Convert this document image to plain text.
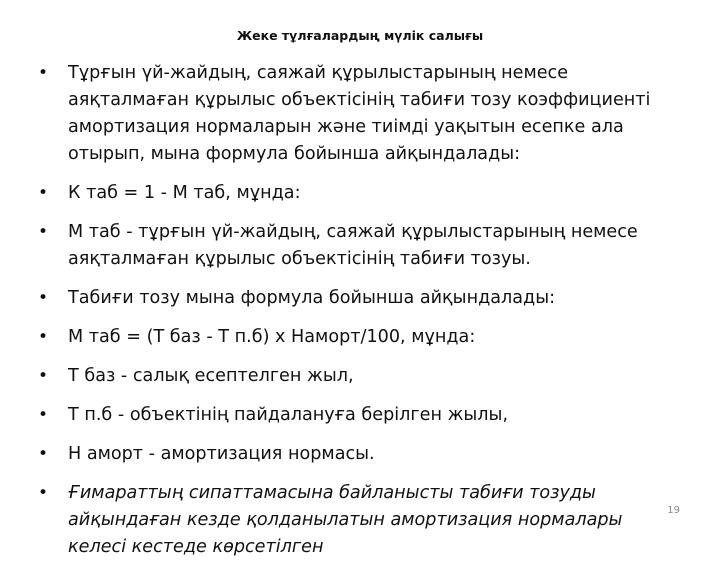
Жеке тұлғалардың мүлік салығы
• Тұрғын үй-жайдың, саяжай құрылыстарының немесе аяқталмаған құрылыс объектісінің табиғи тозу коэффициенті амортизация нормаларын және тиімді уақытын есепке ала отырып, мына формула бойынша айқындалады:
• К таб = 1 - М таб, мұнда:
• М таб - тұрғын үй-жайдың, саяжай құрылыстарының немесе аяқталмаған құрылыс объектісінің табиғи тозуы.
• Табиғи тозу мына формула бойынша айқындалады:
• М таб = (Т баз - Т п.б) х Наморт/100, мұнда:
• Т баз - салық есептелген жыл,
• Т п.б - объектінің пайдалануға берілген жылы,
• Н аморт - амортизация нормасы.
• Ғимараттың сипаттамасына байланысты табиғи тозуды айқындаған кезде қолданылатын амортизация нормалары келесі кестеде көрсетілген
19
